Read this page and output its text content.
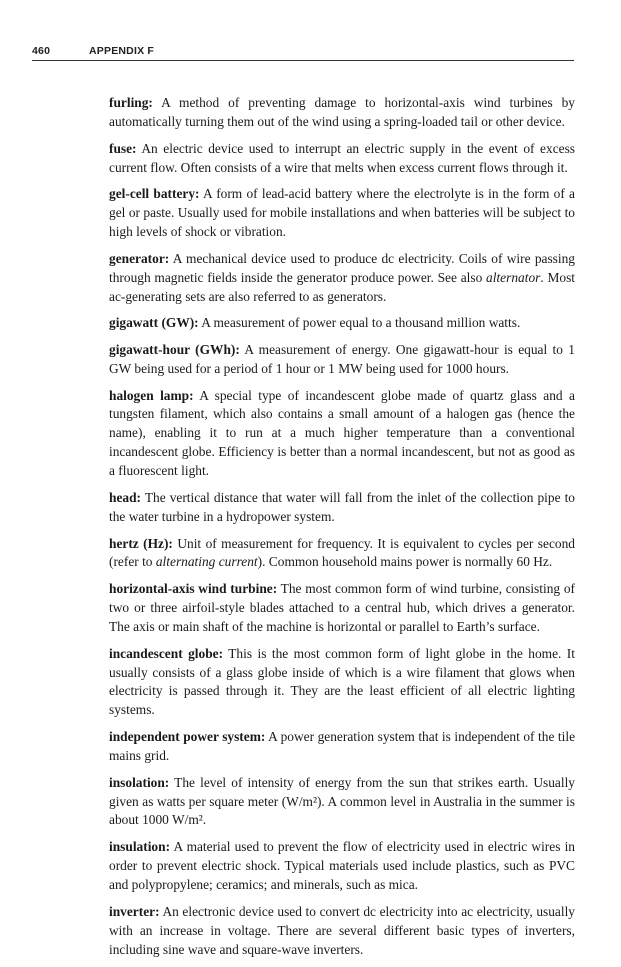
460	APPENDIX F

furling: A method of preventing damage to horizontal-axis wind turbines by automatically turning them out of the wind using a spring-loaded tail or other device.

fuse: An electric device used to interrupt an electric supply in the event of excess current flow. Often consists of a wire that melts when excess current flows through it.

gel-cell battery: A form of lead-acid battery where the electrolyte is in the form of a gel or paste. Usually used for mobile installations and when batteries will be subject to high levels of shock or vibration.

generator: A mechanical device used to produce dc electricity. Coils of wire passing through magnetic fields inside the generator produce power. See also alternator. Most ac-generating sets are also referred to as generators.

gigawatt (GW): A measurement of power equal to a thousand million watts.

gigawatt-hour (GWh): A measurement of energy. One gigawatt-hour is equal to 1 GW being used for a period of 1 hour or 1 MW being used for 1000 hours.

halogen lamp: A special type of incandescent globe made of quartz glass and a tungsten filament, which also contains a small amount of a halogen gas (hence the name), enabling it to run at a much higher temperature than a conventional incandescent globe. Efficiency is better than a normal incandescent, but not as good as a fluorescent light.

head: The vertical distance that water will fall from the inlet of the collection pipe to the water turbine in a hydropower system.

hertz (Hz): Unit of measurement for frequency. It is equivalent to cycles per second (refer to alternating current). Common household mains power is normally 60 Hz.

horizontal-axis wind turbine: The most common form of wind turbine, consisting of two or three airfoil-style blades attached to a central hub, which drives a generator. The axis or main shaft of the machine is horizontal or parallel to Earth’s surface.

incandescent globe: This is the most common form of light globe in the home. It usually consists of a glass globe inside of which is a wire filament that glows when electricity is passed through it. They are the least efficient of all electric lighting systems.

independent power system: A power generation system that is independent of the tile mains grid.

insolation: The level of intensity of energy from the sun that strikes earth. Usually given as watts per square meter (W/m²). A common level in Australia in the summer is about 1000 W/m².

insulation: A material used to prevent the flow of electricity used in electric wires in order to prevent electric shock. Typical materials used include plastics, such as PVC and polypropylene; ceramics; and minerals, such as mica.

inverter: An electronic device used to convert dc electricity into ac electricity, usually with an increase in voltage. There are several different basic types of inverters, including sine wave and square-wave inverters.
